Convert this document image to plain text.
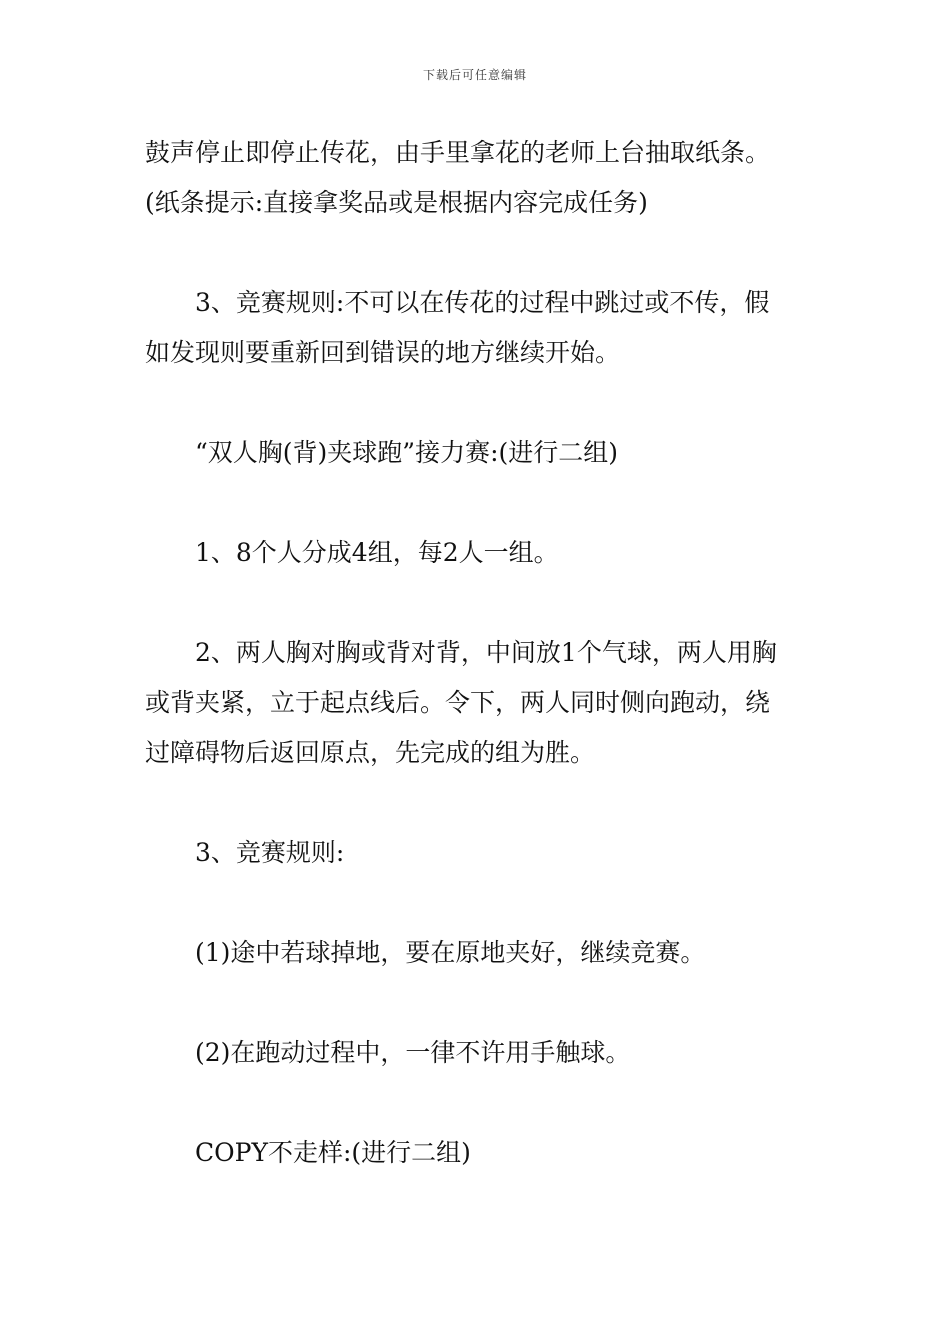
下载后可任意编辑
鼓声停止即停止传花，由手里拿花的老师上台抽取纸条。
(纸条提示:直接拿奖品或是根据内容完成任务)
3、竞赛规则:不可以在传花的过程中跳过或不传，假
如发现则要重新回到错误的地方继续开始。
“双人胸(背)夹球跑”接力赛:(进行二组)
1、8个人分成4组，每2人一组。
2、两人胸对胸或背对背，中间放1个气球，两人用胸
或背夹紧，立于起点线后。令下，两人同时侧向跑动，绕
过障碍物后返回原点，先完成的组为胜。
3、竞赛规则:
(1)途中若球掉地，要在原地夹好，继续竞赛。
(2)在跑动过程中，一律不许用手触球。
COPY不走样:(进行二组)
